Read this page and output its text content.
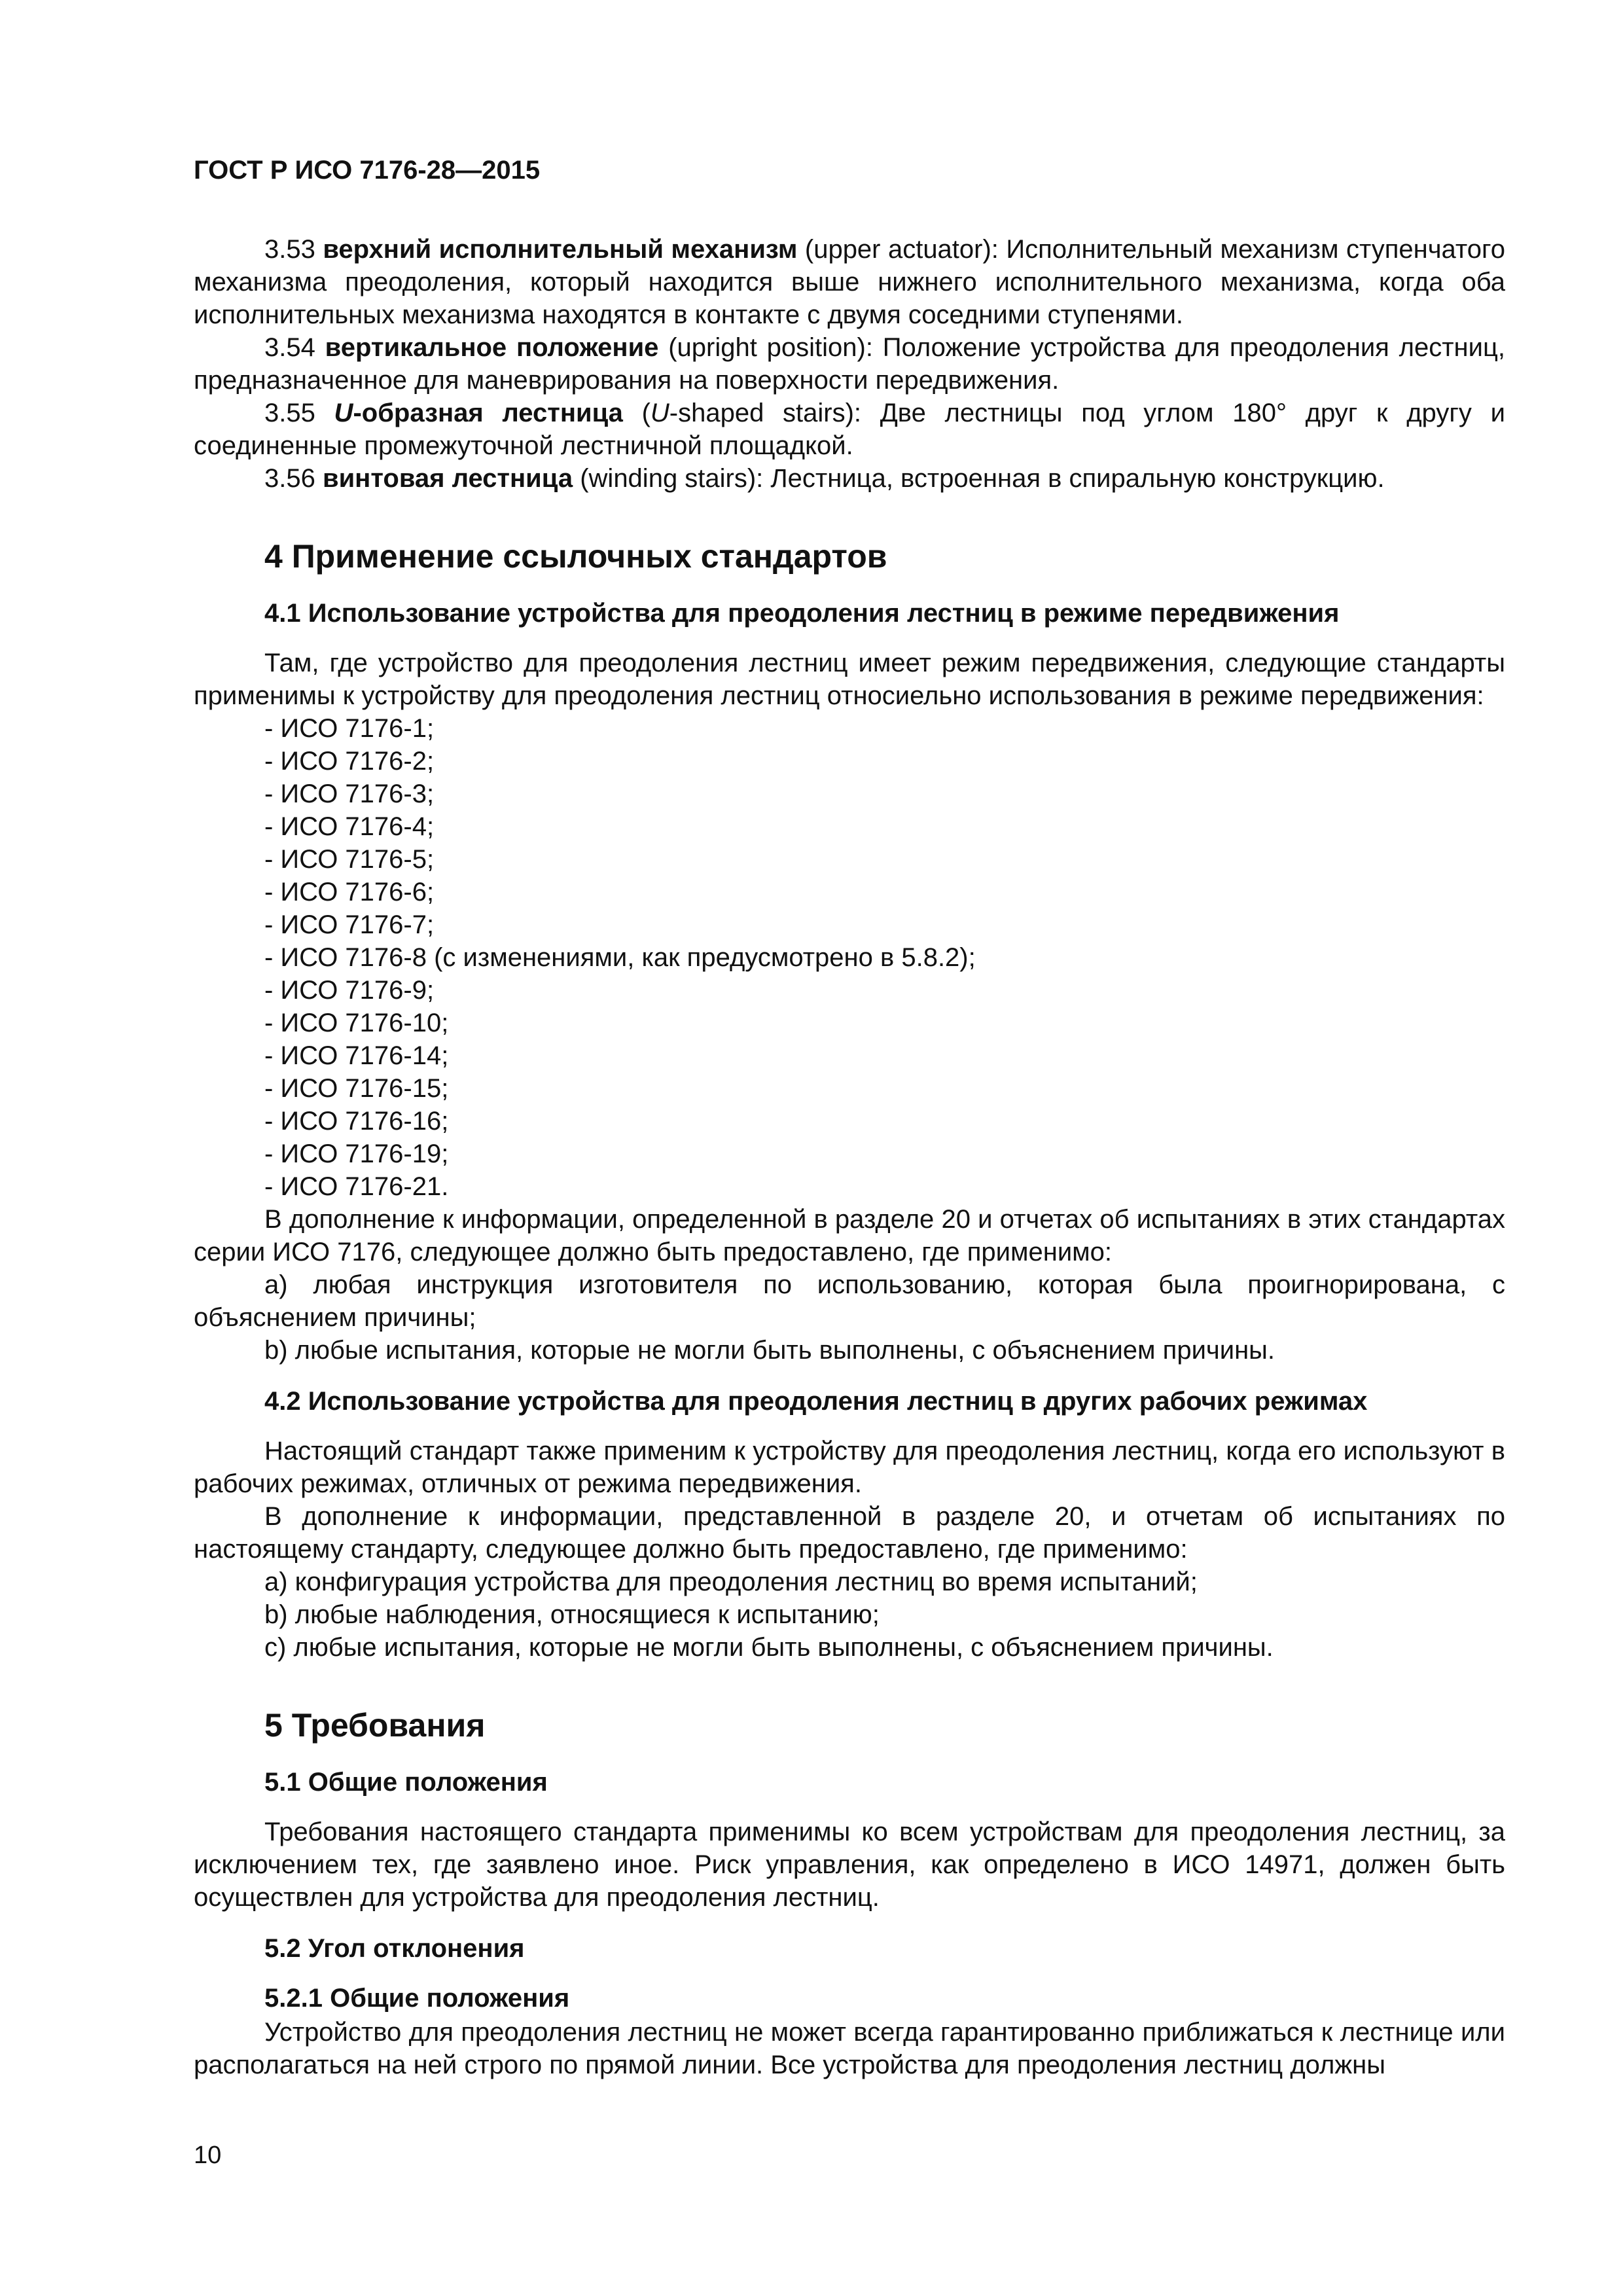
ГОСТ Р ИСО 7176-28—2015

3.53 верхний исполнительный механизм (upper actuator): Исполнительный механизм ступенчатого механизма преодоления, который находится выше нижнего исполнительного механизма, когда оба исполнительных механизма находятся в контакте с двумя соседними ступенями.

3.54 вертикальное положение (upright position): Положение устройства для преодоления лестниц, предназначенное для маневрирования на поверхности передвижения.

3.55 U-образная лестница (U-shaped stairs): Две лестницы под углом 180° друг к другу и соединенные промежуточной лестничной площадкой.

3.56 винтовая лестница (winding stairs): Лестница, встроенная в спиральную конструкцию.

4 Применение ссылочных стандартов
4.1 Использование устройства для преодоления лестниц в режиме передвижения

Там, где устройство для преодоления лестниц имеет режим передвижения, следующие стандарты применимы к устройству для преодоления лестниц относиельно использования в режиме передвижения:

- ИСО 7176-1;

- ИСО 7176-2;

- ИСО 7176-3;

- ИСО 7176-4;

- ИСО 7176-5;

- ИСО 7176-6;

- ИСО 7176-7;

- ИСО 7176-8 (с изменениями, как предусмотрено в 5.8.2);

- ИСО 7176-9;

- ИСО 7176-10;

- ИСО 7176-14;

- ИСО 7176-15;

- ИСО 7176-16;

- ИСО 7176-19;

- ИСО 7176-21.

В дополнение к информации, определенной в разделе 20 и отчетах об испытаниях в этих стандартах серии ИСО 7176, следующее должно быть предоставлено, где применимо:

a) любая инструкция изготовителя по использованию, которая была проигнорирована, с объяснением причины;

b) любые испытания, которые не могли быть выполнены, с объяснением причины.

4.2 Использование устройства для преодоления лестниц в других рабочих режимах

Настоящий стандарт также применим к устройству для преодоления лестниц, когда его используют в рабочих режимах, отличных от режима передвижения.

В дополнение к информации, представленной в разделе 20, и отчетам об испытаниях по настоящему стандарту, следующее должно быть предоставлено, где применимо:

a) конфигурация устройства для преодоления лестниц во время испытаний;

b) любые наблюдения, относящиеся к испытанию;

c) любые испытания, которые не могли быть выполнены, с объяснением причины.

5 Требования
5.1 Общие положения

Требования настоящего стандарта применимы ко всем устройствам для преодоления лестниц, за исключением тех, где заявлено иное. Риск управления, как определено в ИСО 14971, должен быть осуществлен для устройства для преодоления лестниц.

5.2 Угол отклонения
5.2.1 Общие положения

Устройство для преодоления лестниц не может всегда гарантированно приближаться к лестнице или располагаться на ней строго по прямой линии. Все устройства для преодоления лестниц должны

10
